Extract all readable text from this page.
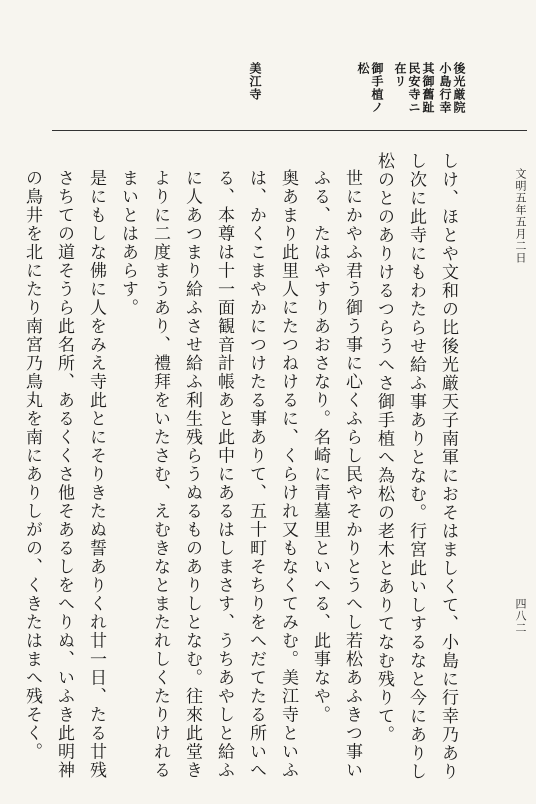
文明五年五月二日
四八二
後光厳院
小島行幸
其御舊趾
民安寺ニ
在リ
御手植ノ
松
美江寺

しけ、ほとや文和の比後光厳天子南軍におそはましくて、小島に行幸乃ありし次に此寺にもわたらせ給ふ事ありとなむ。行宮此いしするなと今にありし松のとのありけるつらうへさ御手植へ為松の老木とありてなむ残りて。

世にかやふ君う御う事に心くふらし民やそかりとうへし若松あふきつ事いふる、たはやすりあおさなり。名崎に青墓里といへる、此事なや。

奥あまり此里人にたつねけるに、くらけれ又もなくてみむ。美江寺といふは、かくこまやかにつけたる事ありて、五十町そちりをへだてたる所いへる、本尊は十一面観音計帳あと此中にあるはしまさす、うちあやしと給ふに人あつまり給ふさせ給ふ利生残らうぬるものありしとなむ。往來此堂きよりに二度まうあり、禮拜をいたさむ、えむきなとまたれしくたりけれるまいとはあらす。

是にもしな佛に人をみえ寺此とにそりきたぬ誓ありくれ廿一日、たる廿残さちての道そうら此名所、あるくくさ他そあるしをへりぬ、いふき此明神の鳥井を北にたり南宮乃鳥丸を南にありしがの、くきたはまへ残そく。
